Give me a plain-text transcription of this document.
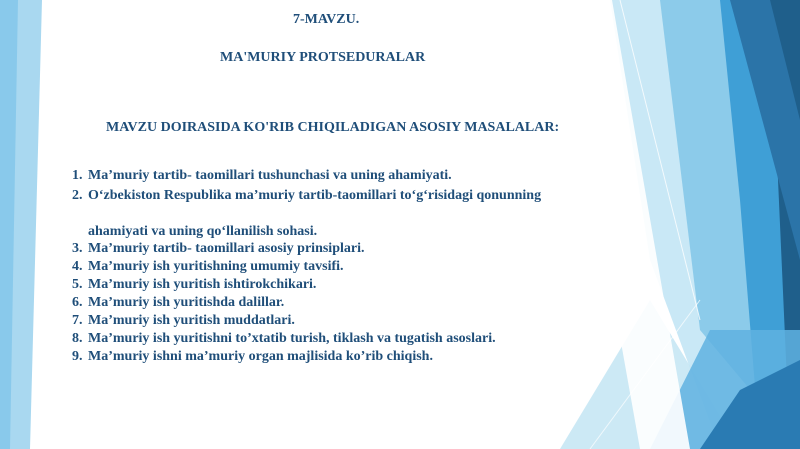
7-MAVZU.
MA'MURIY PROTSEDURALAR
MAVZU DOIRASIDA KO'RIB CHIQILADIGAN ASOSIY MASALALAR:
1. Ma’muriy tartib- taomillari tushunchasi va uning ahamiyati.
2. O‘zbekiston Respublika ma’muriy tartib-taomillari to‘g‘risidagi qonunning
ahamiyati va uning qo‘llanilish sohasi.
3. Ma’muriy tartib- taomillari asosiy prinsiplari.
4. Ma’muriy ish yuritishning umumiy tavsifi.
5. Ma’muriy ish yuritish ishtirokchikari.
6. Ma’muriy ish yuritishda dalillar.
7. Ma’muriy ish yuritish muddatlari.
8. Ma’muriy ish yuritishni to’xtatib turish, tiklash va tugatish asoslari.
9. Ma’muriy ishni ma’muriy organ majlisida ko’rib chiqish.
